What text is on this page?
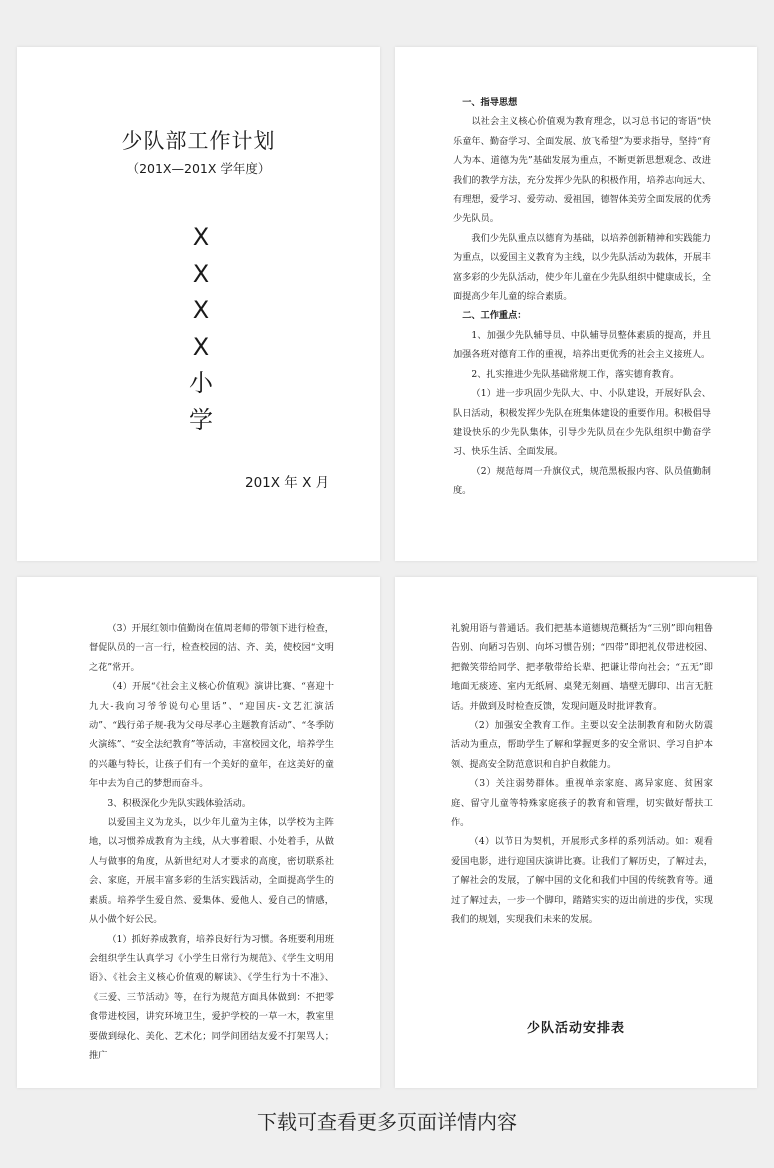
少队部工作计划
（201X—201X 学年度）
X
X
X
X
小
学
201X 年 X 月
一、指导思想

以社会主义核心价值观为教育理念，以习总书记的寄语“快乐童年、勤奋学习、全面发展、放飞希望”为要求指导，坚持“育人为本、道德为先”基础发展为重点，不断更新思想观念、改进我们的教学方法，充分发挥少先队的积极作用，培养志向远大、有理想，爱学习、爱劳动、爱祖国，德智体美劳全面发展的优秀少先队员。

我们少先队重点以德育为基础，以培养创新精神和实践能力为重点，以爱国主义教育为主线，以少先队活动为载体，开展丰富多彩的少先队活动，使少年儿童在少先队组织中健康成长，全面提高少年儿童的综合素质。

二、工作重点：

1、加强少先队辅导员、中队辅导员整体素质的提高，并且加强各班对德育工作的重视，培养出更优秀的社会主义接班人。

2、扎实推进少先队基础常规工作，落实德育教育。

（1）进一步巩固少先队大、中、小队建设，开展好队会、队日活动，积极发挥少先队在班集体建设的重要作用。积极倡导建设快乐的少先队集体，引导少先队员在少先队组织中勤奋学习、快乐生活、全面发展。

（2）规范每周一升旗仪式，规范黑板报内容、队员值勤制度。

（3）开展红领巾值勤岗在值周老师的带领下进行检查，督促队员的一言一行，检查校园的洁、齐、美，使校园“文明之花”常开。

（4）开展“《社会主义核心价值观》演讲比赛、“喜迎十九大-我向习爷爷说句心里话”、“迎国庆-文艺汇演活动”、“践行弟子规-我为父母尽孝心主题教育活动”、“冬季防火演练”、“安全法纪教育”等活动，丰富校园文化，培养学生的兴趣与特长，让孩子们有一个美好的童年，在这美好的童年中去为自己的梦想而奋斗。

3、积极深化少先队实践体验活动。

以爱国主义为龙头，以少年儿童为主体，以学校为主阵地，以习惯养成教育为主线，从大事着眼、小处着手，从做人与做事的角度，从新世纪对人才要求的高度，密切联系社会、家庭，开展丰富多彩的生活实践活动，全面提高学生的素质。培养学生爱自然、爱集体、爱他人、爱自己的情感，从小做个好公民。

（1）抓好养成教育，培养良好行为习惯。各班要利用班会组织学生认真学习《小学生日常行为规范》、《学生文明用语》、《社会主义核心价值观的解读》、《学生行为十不准》、《三爱、三节活动》等，在行为规范方面具体做到：不把零食带进校园，讲究环境卫生，爱护学校的一草一木，教室里要做到绿化、美化、艺术化；同学间团结友爱不打架骂人；推广

礼貌用语与普通话。我们把基本道德规范概括为“三别”即向粗鲁告别、向陋习告别、向坏习惯告别；“四带”即把礼仪带进校园、把微笑带给同学、把孝敬带给长辈、把谦让带向社会；“五无”即地面无痰迹、室内无纸屑、桌凳无刻画、墙壁无脚印、出言无脏话。并做到及时检查反馈，发现问题及时批评教育。

（2）加强安全教育工作。主要以安全法制教育和防火防震活动为重点，帮助学生了解和掌握更多的安全常识、学习自护本领、提高安全防范意识和自护自救能力。

（3）关注弱势群体。重视单亲家庭、离异家庭、贫困家庭、留守儿童等特殊家庭孩子的教育和管理，切实做好帮扶工作。

（4）以节日为契机，开展形式多样的系列活动。如：观看爱国电影，进行迎国庆演讲比赛。让我们了解历史，了解过去，了解社会的发展，了解中国的文化和我们中国的传统教育等。通过了解过去，一步一个脚印，踏踏实实的迈出前进的步伐，实现我们的规划，实现我们未来的发展。

少队活动安排表
下载可查看更多页面详情内容
